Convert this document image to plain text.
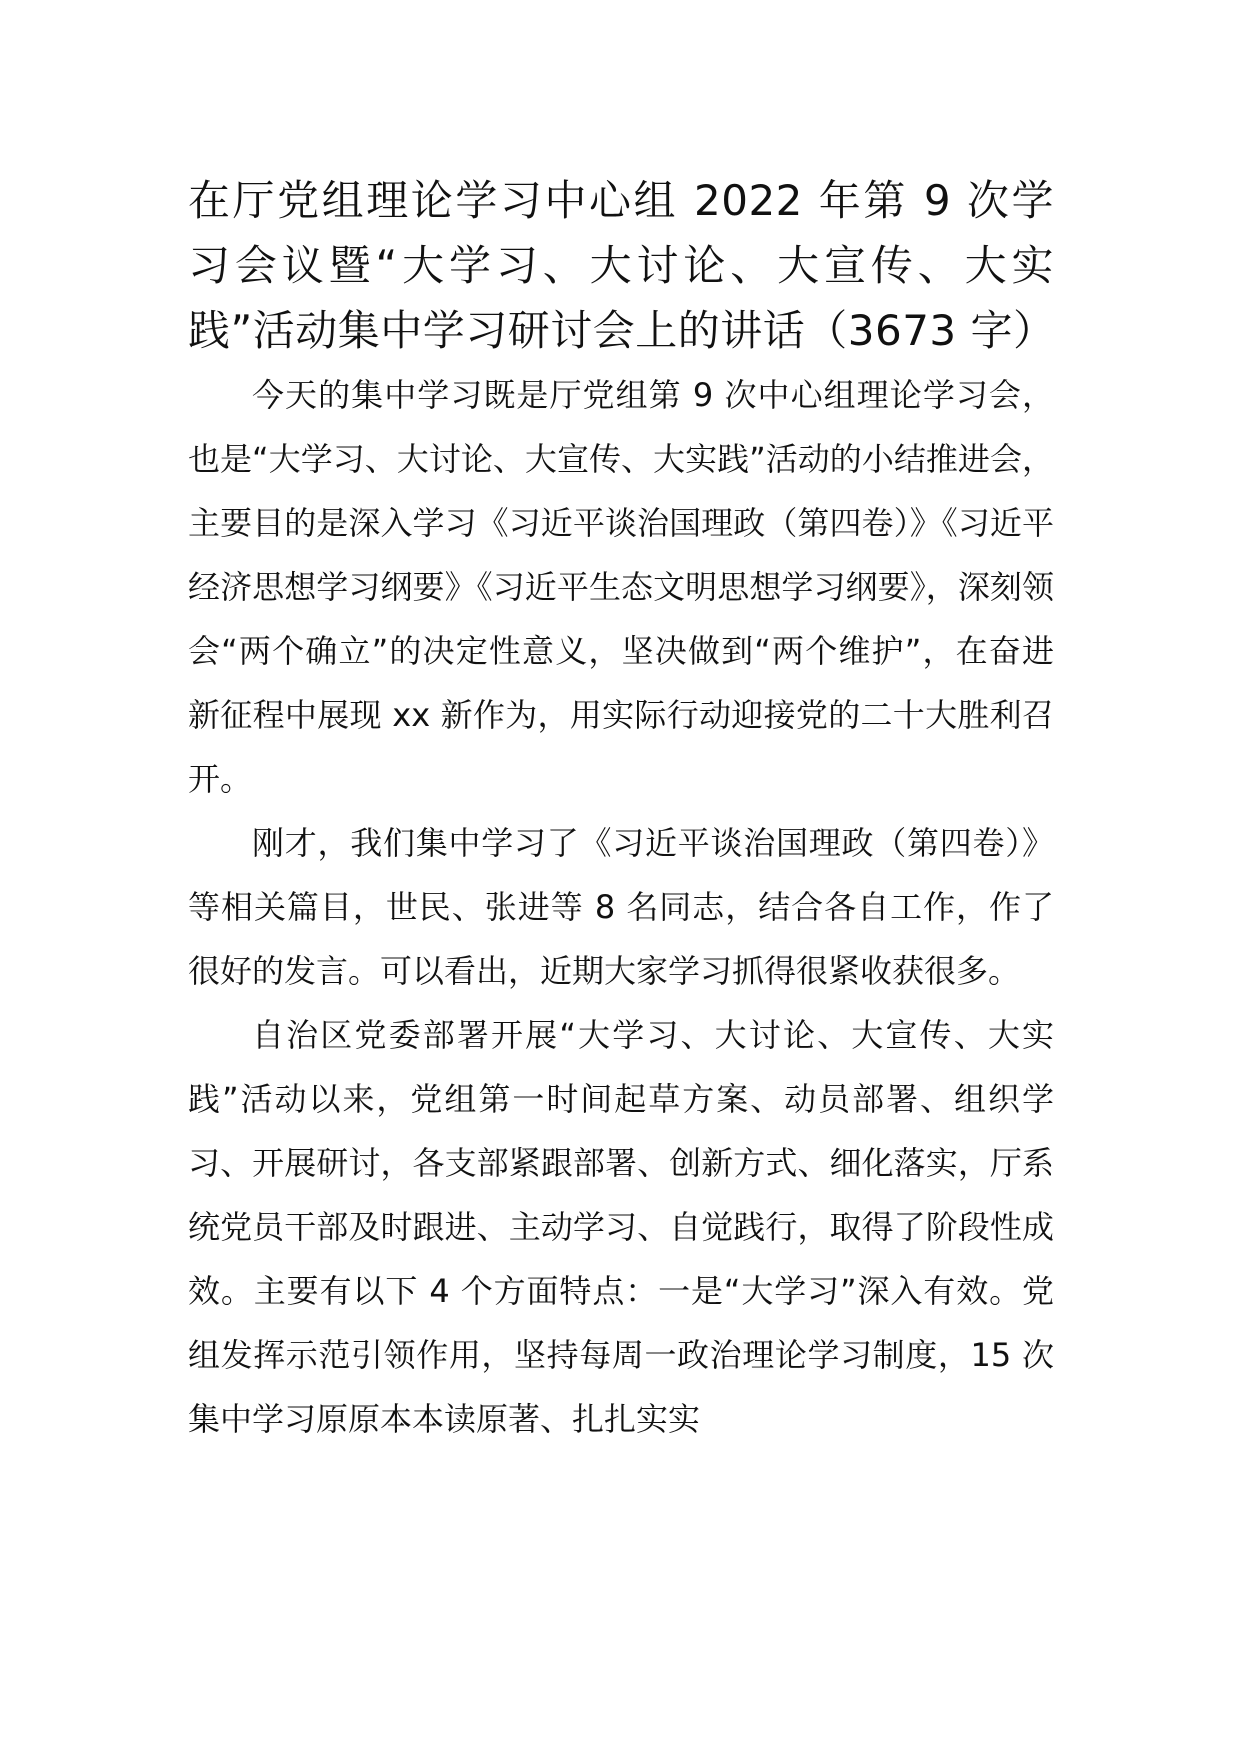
在厅党组理论学习中心组 2022 年第 9 次学习会议暨“大学习、大讨论、大宣传、大实践”活动集中学习研讨会上的讲话（3673 字）

今天的集中学习既是厅党组第 9 次中心组理论学习会，也是“大学习、大讨论、大宣传、大实践”活动的小结推进会，主要目的是深入学习《习近平谈治国理政（第四卷）》《习近平经济思想学习纲要》《习近平生态文明思想学习纲要》，深刻领会“两个确立”的决定性意义，坚决做到“两个维护”，在奋进新征程中展现 xx 新作为，用实际行动迎接党的二十大胜利召开。

刚才，我们集中学习了《习近平谈治国理政（第四卷）》等相关篇目，世民、张进等 8 名同志，结合各自工作，作了很好的发言。可以看出，近期大家学习抓得很紧收获很多。

自治区党委部署开展“大学习、大讨论、大宣传、大实践”活动以来，党组第一时间起草方案、动员部署、组织学习、开展研讨，各支部紧跟部署、创新方式、细化落实，厅系统党员干部及时跟进、主动学习、自觉践行，取得了阶段性成效。主要有以下 4 个方面特点：一是“大学习”深入有效。党组发挥示范引领作用，坚持每周一政治理论学习制度，15 次集中学习原原本本读原著、扎扎实实
